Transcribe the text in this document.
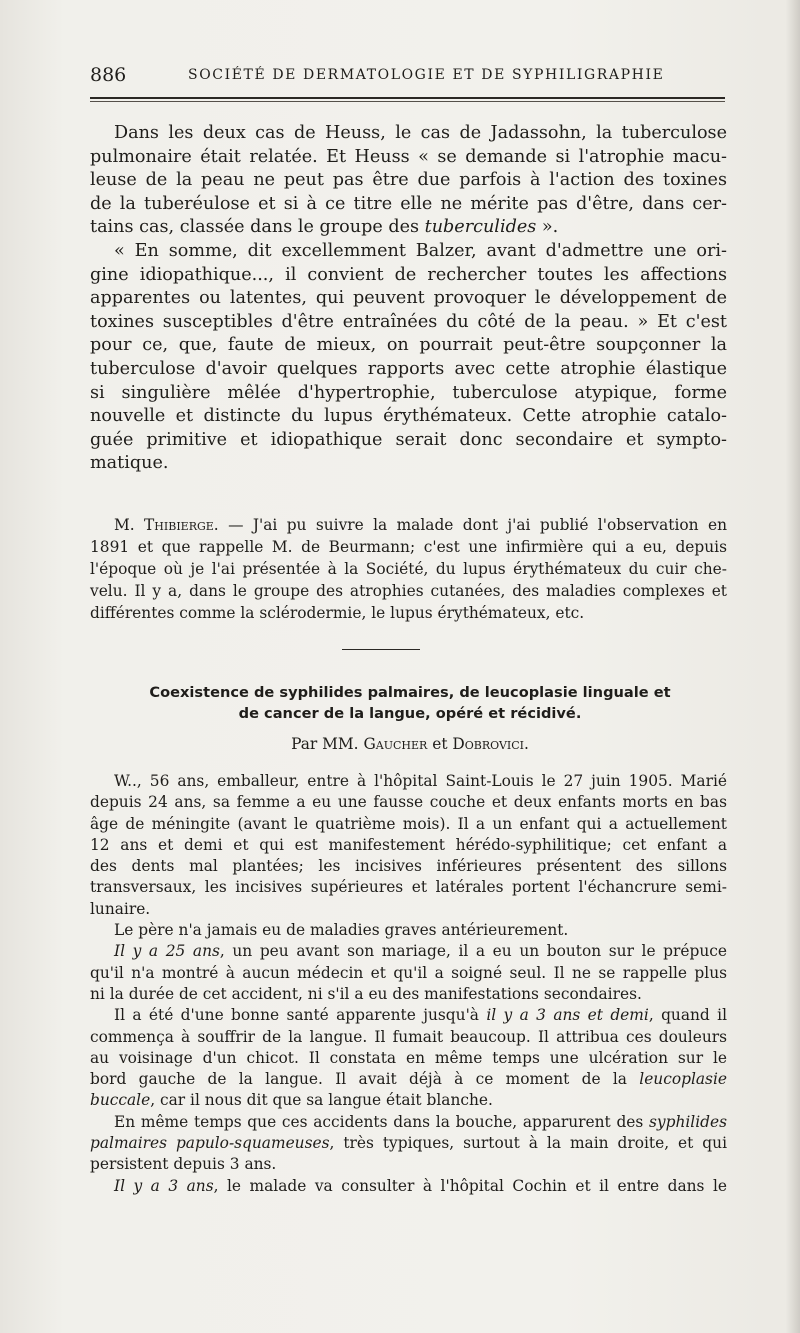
886	SOCIÉTÉ DE DERMATOLOGIE ET DE SYPHILIGRAPHIE
Dans les deux cas de Heuss, le cas de Jadassohn, la tuberculose
pulmonaire était relatée. Et Heuss « se demande si l'atrophie macu-
leuse de la peau ne peut pas être due parfois à l'action des toxines
de la tuberéulose et si à ce titre elle ne mérite pas d'être, dans cer-
tains cas, classée dans le groupe des tuberculides ».
« En somme, dit excellemment Balzer, avant d'admettre une ori-
gine idiopathique..., il convient de rechercher toutes les affections
apparentes ou latentes, qui peuvent provoquer le développement de
toxines susceptibles d'être entraînées du côté de la peau. » Et c'est
pour ce, que, faute de mieux, on pourrait peut-être soupçonner la
tuberculose d'avoir quelques rapports avec cette atrophie élastique
si singulière mêlée d'hypertrophie, tuberculose atypique, forme
nouvelle et distincte du lupus érythémateux. Cette atrophie catalo-
guée primitive et idiopathique serait donc secondaire et sympto-
matique.
M. Thibierge. — J'ai pu suivre la malade dont j'ai publié l'observation en
1891 et que rappelle M. de Beurmann; c'est une infirmière qui a eu, depuis
l'époque où je l'ai présentée à la Société, du lupus érythémateux du cuir che-
velu. Il y a, dans le groupe des atrophies cutanées, des maladies complexes et
différentes comme la sclérodermie, le lupus érythémateux, etc.
Coexistence de syphilides palmaires, de leucoplasie linguale et
de cancer de la langue, opéré et récidivé.
Par MM. Gaucher et Dobrovici.
W.., 56 ans, emballeur, entre à l'hôpital Saint-Louis le 27 juin 1905. Marié
depuis 24 ans, sa femme a eu une fausse couche et deux enfants morts en bas
âge de méningite (avant le quatrième mois). Il a un enfant qui a actuellement
12 ans et demi et qui est manifestement hérédo-syphilitique; cet enfant a
des dents mal plantées; les incisives inférieures présentent des sillons
transversaux, les incisives supérieures et latérales portent l'échancrure semi-
lunaire.
Le père n'a jamais eu de maladies graves antérieurement.
Il y a 25 ans, un peu avant son mariage, il a eu un bouton sur le prépuce
qu'il n'a montré à aucun médecin et qu'il a soigné seul. Il ne se rappelle plus
ni la durée de cet accident, ni s'il a eu des manifestations secondaires.
Il a été d'une bonne santé apparente jusqu'à il y a 3 ans et demi, quand il
commença à souffrir de la langue. Il fumait beaucoup. Il attribua ces douleurs
au voisinage d'un chicot. Il constata en même temps une ulcération sur le
bord gauche de la langue. Il avait déjà à ce moment de la leucoplasie
buccale, car il nous dit que sa langue était blanche.
En même temps que ces accidents dans la bouche, apparurent des syphilides
palmaires papulo-squameuses, très typiques, surtout à la main droite, et qui
persistent depuis 3 ans.
Il y a 3 ans, le malade va consulter à l'hôpital Cochin et il entre dans le
